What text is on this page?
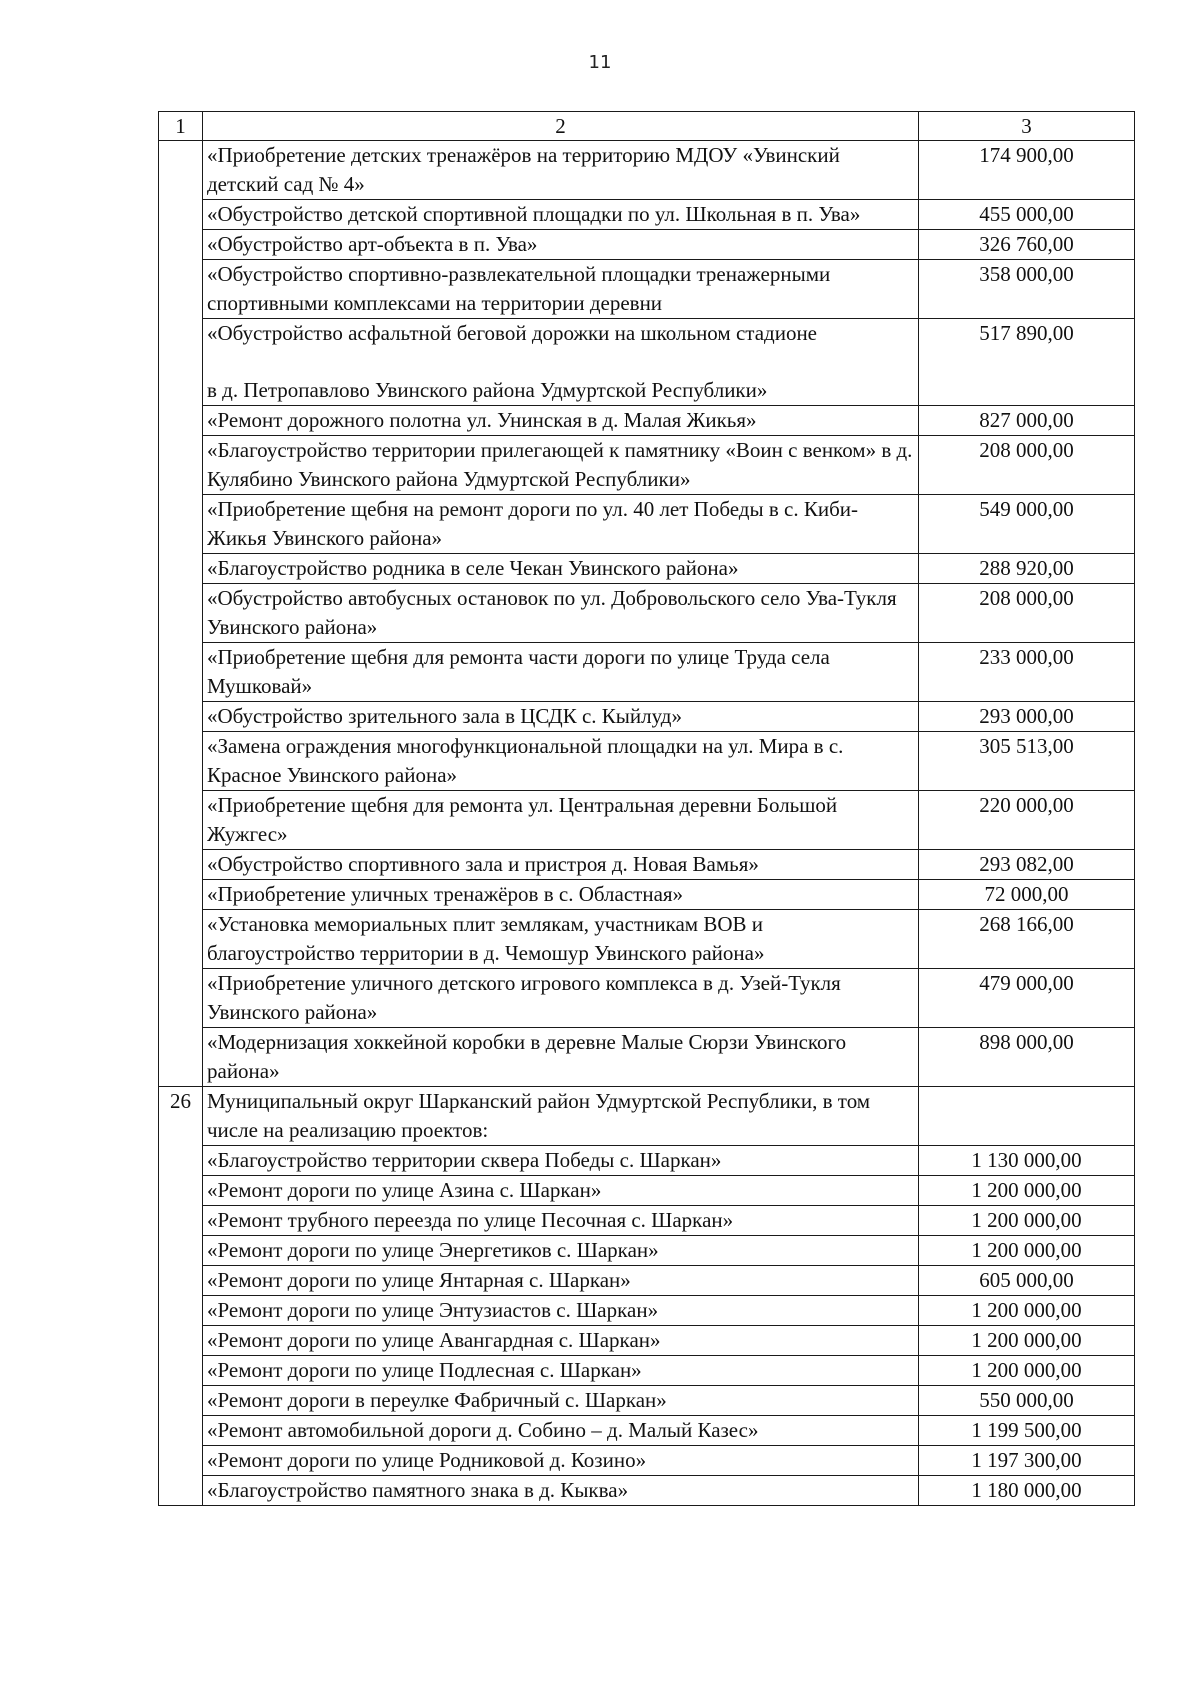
11
1	2	3
	«Приобретение детских тренажёров на территорию МДОУ «Увинский детский сад № 4»	174 900,00
	«Обустройство детской спортивной площадки по ул. Школьная в п. Ува»	455 000,00
	«Обустройство арт-объекта в п. Ува»	326 760,00
	«Обустройство спортивно-развлекательной площадки тренажерными спортивными комплексами на территории деревни	358 000,00
	«Обустройство асфальтной беговой дорожки на школьном стадионе
в д. Петропавлово Увинского района Удмуртской Республики»	517 890,00
	«Ремонт дорожного полотна ул. Унинская в д. Малая Жикья»	827 000,00
	«Благоустройство территории прилегающей к памятнику «Воин с венком» в д. Кулябино Увинского района Удмуртской Республики»	208 000,00
	«Приобретение щебня на ремонт дороги по ул. 40 лет Победы в с. Киби-Жикья Увинского района»	549 000,00
	«Благоустройство родника в селе Чекан Увинского района»	288 920,00
	«Обустройство автобусных остановок по ул. Добровольского село Ува-Тукля Увинского района»	208 000,00
	«Приобретение щебня для ремонта части дороги по улице Труда села Мушковай»	233 000,00
	«Обустройство зрительного зала в ЦСДК с. Кыйлуд»	293 000,00
	«Замена ограждения многофункциональной площадки на ул. Мира в с. Красное Увинского района»	305 513,00
	«Приобретение щебня для ремонта ул. Центральная деревни Большой Жужгес»	220 000,00
	«Обустройство спортивного зала и пристроя д. Новая Вамья»	293 082,00
	«Приобретение уличных тренажёров в с. Областная»	72 000,00
	«Установка мемориальных плит землякам, участникам ВОВ и благоустройство территории в д. Чемошур Увинского района»	268 166,00
	«Приобретение уличного детского игрового комплекса в д. Узей-Тукля Увинского района»	479 000,00
	«Модернизация хоккейной коробки в деревне Малые Сюрзи Увинского района»	898 000,00
26	Муниципальный округ Шарканский район Удмуртской Республики, в том числе на реализацию проектов:	
	«Благоустройство территории сквера Победы с. Шаркан»	1 130 000,00
	«Ремонт дороги по улице Азина с. Шаркан»	1 200 000,00
	«Ремонт трубного переезда по улице Песочная с. Шаркан»	1 200 000,00
	«Ремонт дороги по улице Энергетиков с. Шаркан»	1 200 000,00
	«Ремонт дороги по улице Янтарная с. Шаркан»	605 000,00
	«Ремонт дороги по улице Энтузиастов с. Шаркан»	1 200 000,00
	«Ремонт дороги по улице Авангардная с. Шаркан»	1 200 000,00
	«Ремонт дороги по улице Подлесная с. Шаркан»	1 200 000,00
	«Ремонт дороги в переулке Фабричный с. Шаркан»	550 000,00
	«Ремонт автомобильной дороги д. Собино – д. Малый Казес»	1 199 500,00
	«Ремонт дороги по улице Родниковой д. Козино»	1 197 300,00
	«Благоустройство памятного знака в д. Кыква»	1 180 000,00
